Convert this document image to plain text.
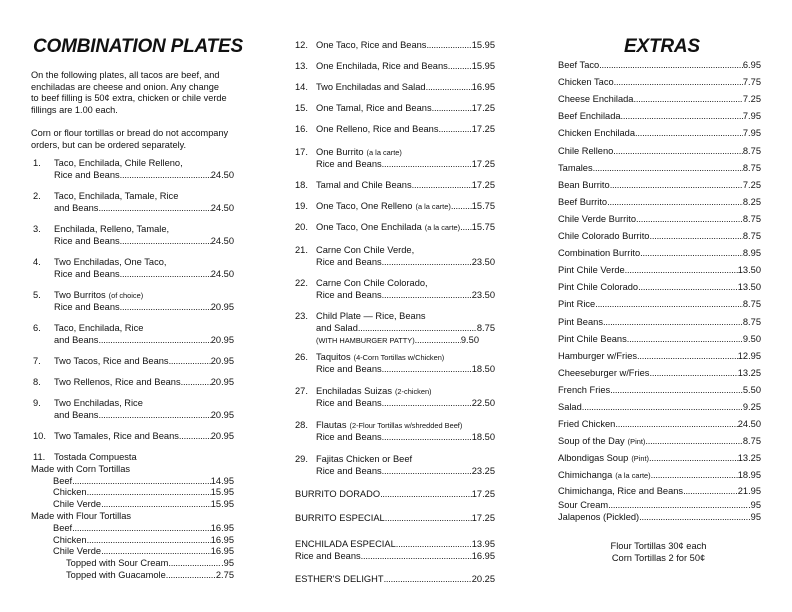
COMBINATION PLATES
On the following plates, all tacos are beef, and
enchiladas are cheese and onion. Any change
to beef filling is 50¢ extra, chicken or chile verde
fillings are 1.00 each.
Corn or flour tortillas or bread do not accompany
orders, but can be ordered separately.
1. Taco, Enchilada, Chile Relleno,
Rice and Beans . . .	24.50
2. Taco, Enchilada, Tamale, Rice
and Beans . . .	24.50
3. Enchilada, Relleno, Tamale,
Rice and Beans . . .	24.50
4. Two Enchiladas, One Taco,
Rice and Beans . . .	24.50
5. Two Burritos (of choice)
Rice and Beans . . .	20.95
6. Taco, Enchilada, Rice
and Beans . . .	20.95
7. Two Tacos, Rice and Beans . . .	20.95
8. Two Rellenos, Rice and Beans . . .	20.95
9. Two Enchiladas, Rice
and Beans . . .	20.95
10. Two Tamales, Rice and Beans . . .	20.95
11. Tostada Compuesta
Made with Corn Tortillas
Beef . . .	14.95
Chicken . . .	15.95
Chile Verde . . .	15.95
Made with Flour Tortillas
Beef . . .	16.95
Chicken . . .	16.95
Chile Verde . . .	16.95
Topped with Sour Cream . . .	.95
Topped with Guacamole . . .	2.75
12. One Taco, Rice and Beans . . .	15.95
13. One Enchilada, Rice and Beans . . .	15.95
14. Two Enchiladas and Salad . . .	16.95
15. One Tamal, Rice and Beans . . .	17.25
16. One Relleno, Rice and Beans . . .	17.25
17. One Burrito (a la carte)
Rice and Beans . . .	17.25
18. Tamal and Chile Beans . . .	17.25
19. One Taco, One Relleno (a la carte) . . . 15.75
20. One Taco, One Enchilada (a la carte) . . . 15.75
21. Carne Con Chile Verde,
Rice and Beans . . .	23.50
22. Carne Con Chile Colorado,
Rice and Beans . . .	23.50
23. Child Plate — Rice, Beans
and Salad . . .	8.75
(WITH HAMBURGER PATTY) . . .	9.50
26. Taquitos (4-Corn Tortillas w/Chicken)
Rice and Beans . . .	18.50
27. Enchiladas Suizas (2-chicken)
Rice and Beans . . .	22.50
28. Flautas (2-Flour Tortillas w/shredded Beef)
Rice and Beans . . .	18.50
29. Fajitas Chicken or Beef
Rice and Beans . . .	23.25
BURRITO DORADO . . .	17.25
BURRITO ESPECIAL . . .	17.25
ENCHILADA ESPECIAL . . .	13.95
Rice and Beans . . .	16.95
ESTHER'S DELIGHT . . .	20.25
EXTRAS
Beef Taco . . .	6.95
Chicken Taco . . .	7.75
Cheese Enchilada . . .	7.25
Beef Enchilada . . .	7.95
Chicken Enchilada . . .	7.95
Chile Relleno . . .	8.75
Tamales . . .	8.75
Bean Burrito . . .	7.25
Beef Burrito . . .	8.25
Chile Verde Burrito . . .	8.75
Chile Colorado Burrito . . .	8.75
Combination Burrito . . .	8.95
Pint Chile Verde . . .	13.50
Pint Chile Colorado . . .	13.50
Pint Rice . . .	8.75
Pint Beans . . .	8.75
Pint Chile Beans . . .	9.50
Hamburger w/Fries . . .	12.95
Cheeseburger w/Fries . . .	13.25
French Fries . . .	5.50
Salad . . .	9.25
Fried Chicken . . .	24.50
Soup of the Day (Pint) . . .	8.75
Albondigas Soup (Pint) . . .	13.25
Chimichanga (a la carte) . . .	18.95
Chimichanga, Rice and Beans . . .	21.95
Sour Cream . . .	.95
Jalapenos (Pickled) . . .	.95
Flour Tortillas 30¢ each
Corn Tortillas 2 for 50¢
